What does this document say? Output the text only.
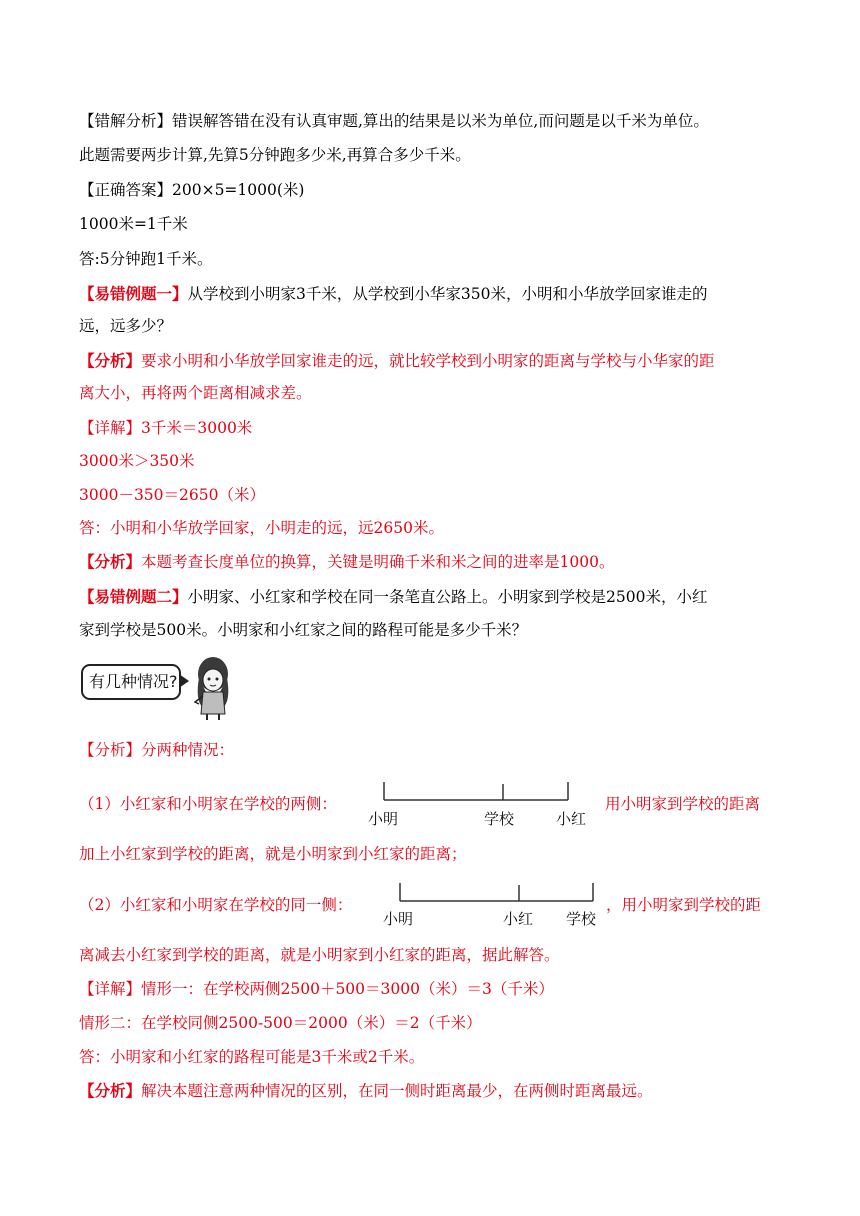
【错解分析】错误解答错在没有认真审题,算出的结果是以米为单位,而问题是以千米为单位。
此题需要两步计算,先算5分钟跑多少米,再算合多少千米。
【正确答案】200×5=1000(米)
1000米=1千米
答:5分钟跑1千米。
【易错例题一】从学校到小明家3千米，从学校到小华家350米，小明和小华放学回家谁走的
远，远多少？
【分析】要求小明和小华放学回家谁走的远，就比较学校到小明家的距离与学校与小华家的距
离大小，再将两个距离相减求差。
【详解】3千米＝3000米
3000米＞350米
3000－350＝2650（米）
答：小明和小华放学回家，小明走的远，远2650米。
【分析】本题考查长度单位的换算，关键是明确千米和米之间的进率是1000。
【易错例题二】小明家、小红家和学校在同一条笔直公路上。小明家到学校是2500米，小红
家到学校是500米。小明家和小红家之间的路程可能是多少千米？
有几种情况?
【分析】分两种情况：
（1）小红家和小明家在学校的两侧：
小明	学校	小红
用小明家到学校的距离
加上小红家到学校的距离，就是小明家到小红家的距离；
（2）小红家和小明家在学校的同一侧：
小明	小红 学校
，用小明家到学校的距
离减去小红家到学校的距离，就是小明家到小红家的距离，据此解答。
【详解】情形一：在学校两侧2500＋500＝3000（米）＝3（千米）
情形二：在学校同侧2500-500＝2000（米）＝2（千米）
答：小明家和小红家的路程可能是3千米或2千米。
【分析】解决本题注意两种情况的区别，在同一侧时距离最少，在两侧时距离最远。
